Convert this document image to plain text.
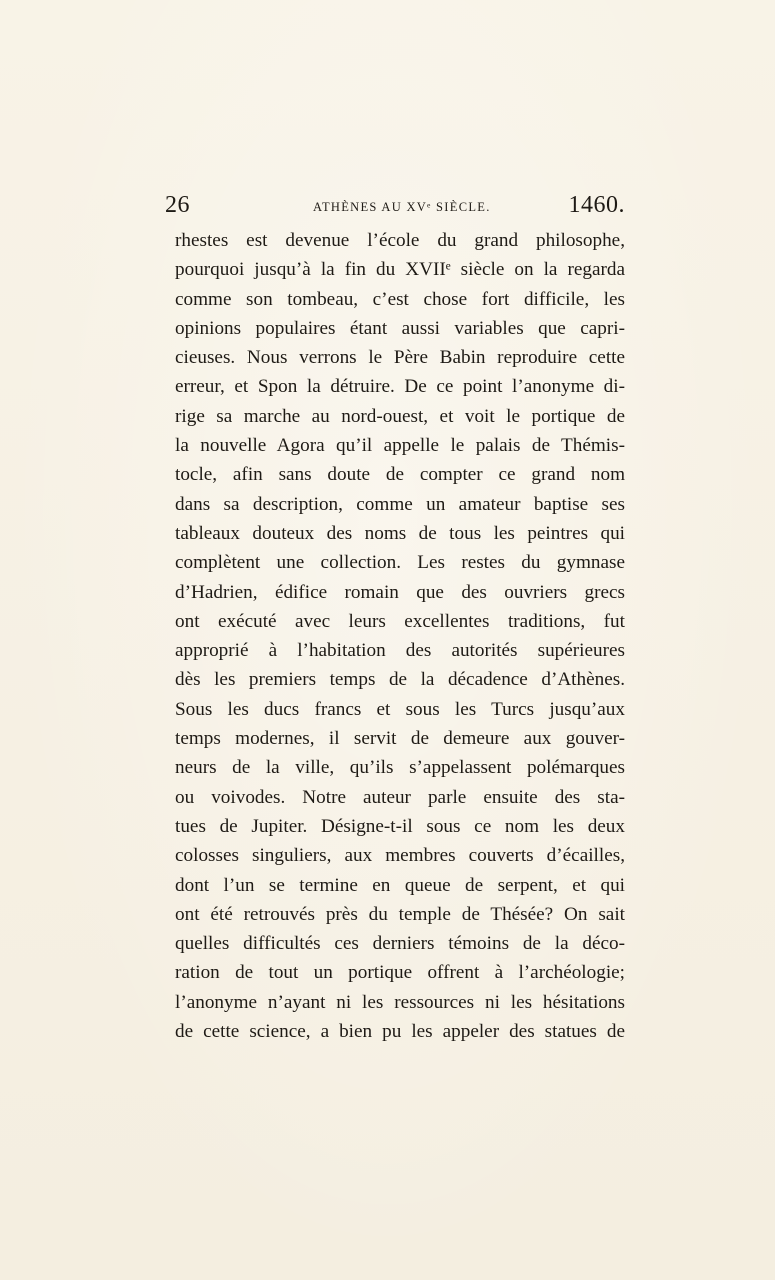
26	ATHÈNES AU XVᵉ SIÈCLE.	1460.
rhestes est devenue l’école du grand philosophe,
pourquoi jusqu’à la fin du XVIIᵉ siècle on la regarda
comme son tombeau, c’est chose fort difficile, les
opinions populaires étant aussi variables que capri-
cieuses. Nous verrons le Père Babin reproduire cette
erreur, et Spon la détruire. De ce point l’anonyme di-
rige sa marche au nord-ouest, et voit le portique de
la nouvelle Agora qu’il appelle le palais de Thémis-
tocle, afin sans doute de compter ce grand nom
dans sa description, comme un amateur baptise ses
tableaux douteux des noms de tous les peintres qui
complètent une collection. Les restes du gymnase
d’Hadrien, édifice romain que des ouvriers grecs
ont exécuté avec leurs excellentes traditions, fut
approprié à l’habitation des autorités supérieures
dès les premiers temps de la décadence d’Athènes.
Sous les ducs francs et sous les Turcs jusqu’aux
temps modernes, il servit de demeure aux gouver-
neurs de la ville, qu’ils s’appelassent polémarques
ou voivodes. Notre auteur parle ensuite des sta-
tues de Jupiter. Désigne-t-il sous ce nom les deux
colosses singuliers, aux membres couverts d’écailles,
dont l’un se termine en queue de serpent, et qui
ont été retrouvés près du temple de Thésée? On sait
quelles difficultés ces derniers témoins de la déco-
ration de tout un portique offrent à l’archéologie;
l’anonyme n’ayant ni les ressources ni les hésitations
de cette science, a bien pu les appeler des statues de
